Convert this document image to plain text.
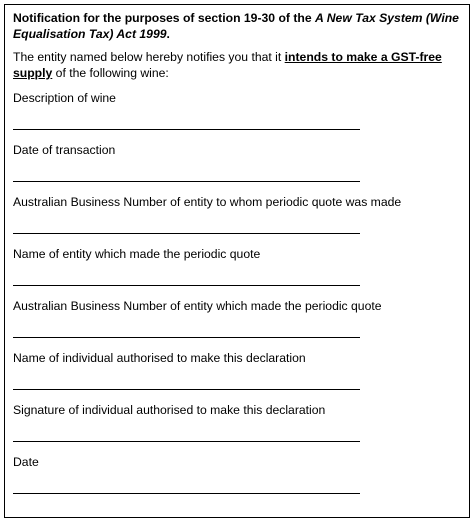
Notification for the purposes of section 19-30 of the A New Tax System (Wine Equalisation Tax) Act 1999.

The entity named below hereby notifies you that it intends to make a GST-free supply of the following wine:

Description of wine
Date of transaction
Australian Business Number of entity to whom periodic quote was made
Name of entity which made the periodic quote
Australian Business Number of entity which made the periodic quote
Name of individual authorised to make this declaration
Signature of individual authorised to make this declaration
Date
